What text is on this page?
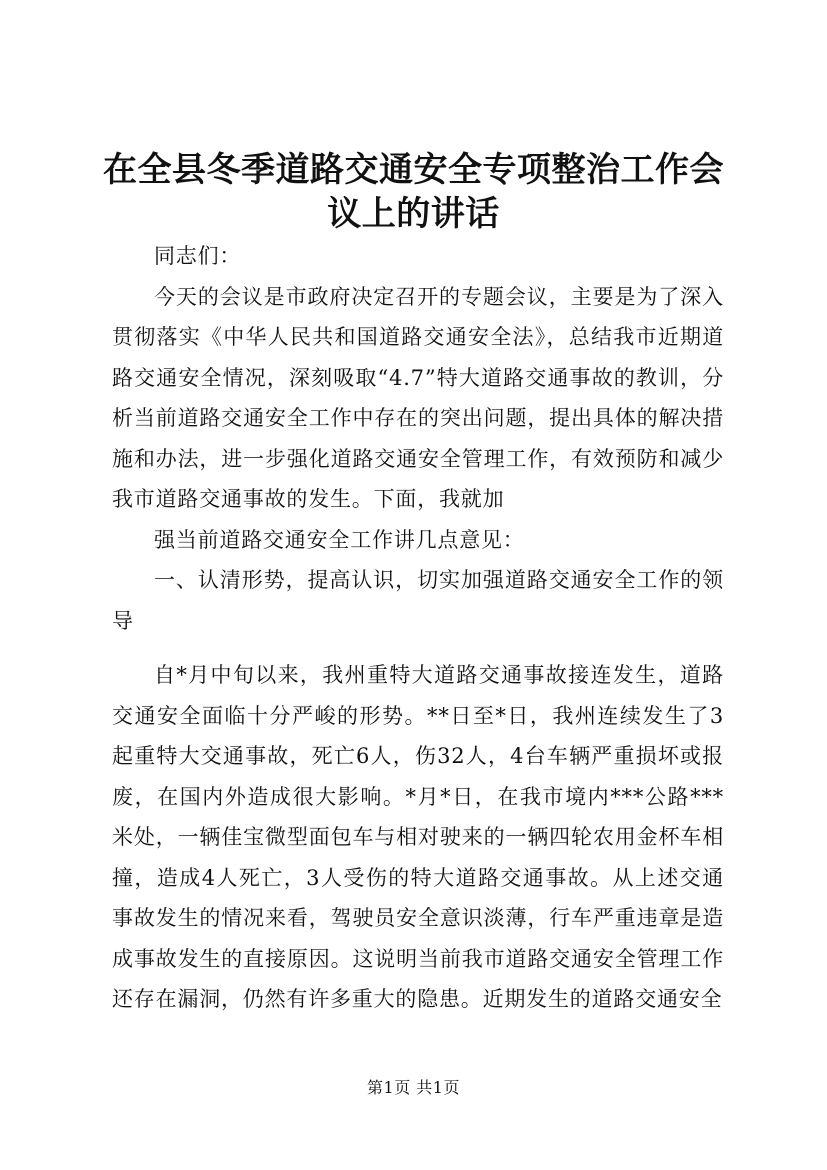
在全县冬季道路交通安全专项整治工作会议上的讲话

同志们：

今天的会议是市政府决定召开的专题会议，主要是为了深入贯彻落实《中华人民共和国道路交通安全法》，总结我市近期道路交通安全情况，深刻吸取“4.7”特大道路交通事故的教训，分析当前道路交通安全工作中存在的突出问题，提出具体的解决措施和办法，进一步强化道路交通安全管理工作，有效预防和减少我市道路交通事故的发生。下面，我就加

强当前道路交通安全工作讲几点意见：

一、认清形势，提高认识，切实加强道路交通安全工作的领导

自*月中旬以来，我州重特大道路交通事故接连发生，道路交通安全面临十分严峻的形势。**日至*日，我州连续发生了3起重特大交通事故，死亡6人，伤32人，4台车辆严重损坏或报废，在国内外造成很大影响。*月*日，在我市境内***公路***米处，一辆佳宝微型面包车与相对驶来的一辆四轮农用金杯车相撞，造成4人死亡，3人受伤的特大道路交通事故。从上述交通事故发生的情况来看，驾驶员安全意识淡薄，行车严重违章是造成事故发生的直接原因。这说明当前我市道路交通安全管理工作还存在漏洞，仍然有许多重大的隐患。近期发生的道路交通安全

第1页 共1页
